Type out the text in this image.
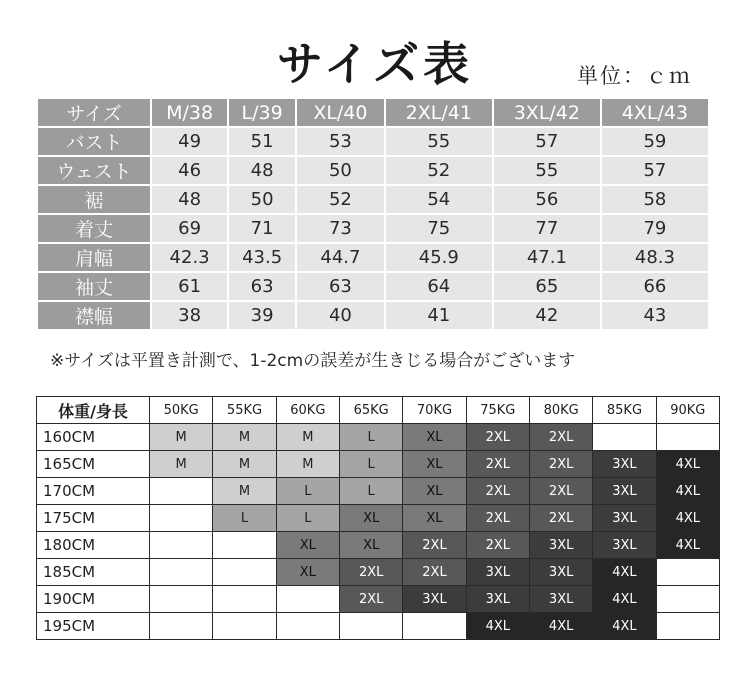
サイズ表	単位：ｃｍ
サイズ	M/38	L/39	XL/40	2XL/41	3XL/42	4XL/43
バスト	49	51	53	55	57	59
ウェスト	46	48	50	52	55	57
裾	48	50	52	54	56	58
着丈	69	71	73	75	77	79
肩幅	42.3	43.5	44.7	45.9	47.1	48.3
袖丈	61	63	63	64	65	66
襟幅	38	39	40	41	42	43
※サイズは平置き計測で、1-2cmの誤差が生きじる場合がございます
体重/身長	50KG	55KG	60KG	65KG	70KG	75KG	80KG	85KG	90KG
160CM	M	M	M	L	XL	2XL	2XL		
165CM	M	M	M	L	XL	2XL	2XL	3XL	4XL
170CM		M	L	L	XL	2XL	2XL	3XL	4XL
175CM		L	L	XL	XL	2XL	2XL	3XL	4XL
180CM			XL	XL	2XL	2XL	3XL	3XL	4XL
185CM			XL	2XL	2XL	3XL	3XL	4XL	
190CM				2XL	3XL	3XL	3XL	4XL	
195CM						4XL	4XL	4XL	
